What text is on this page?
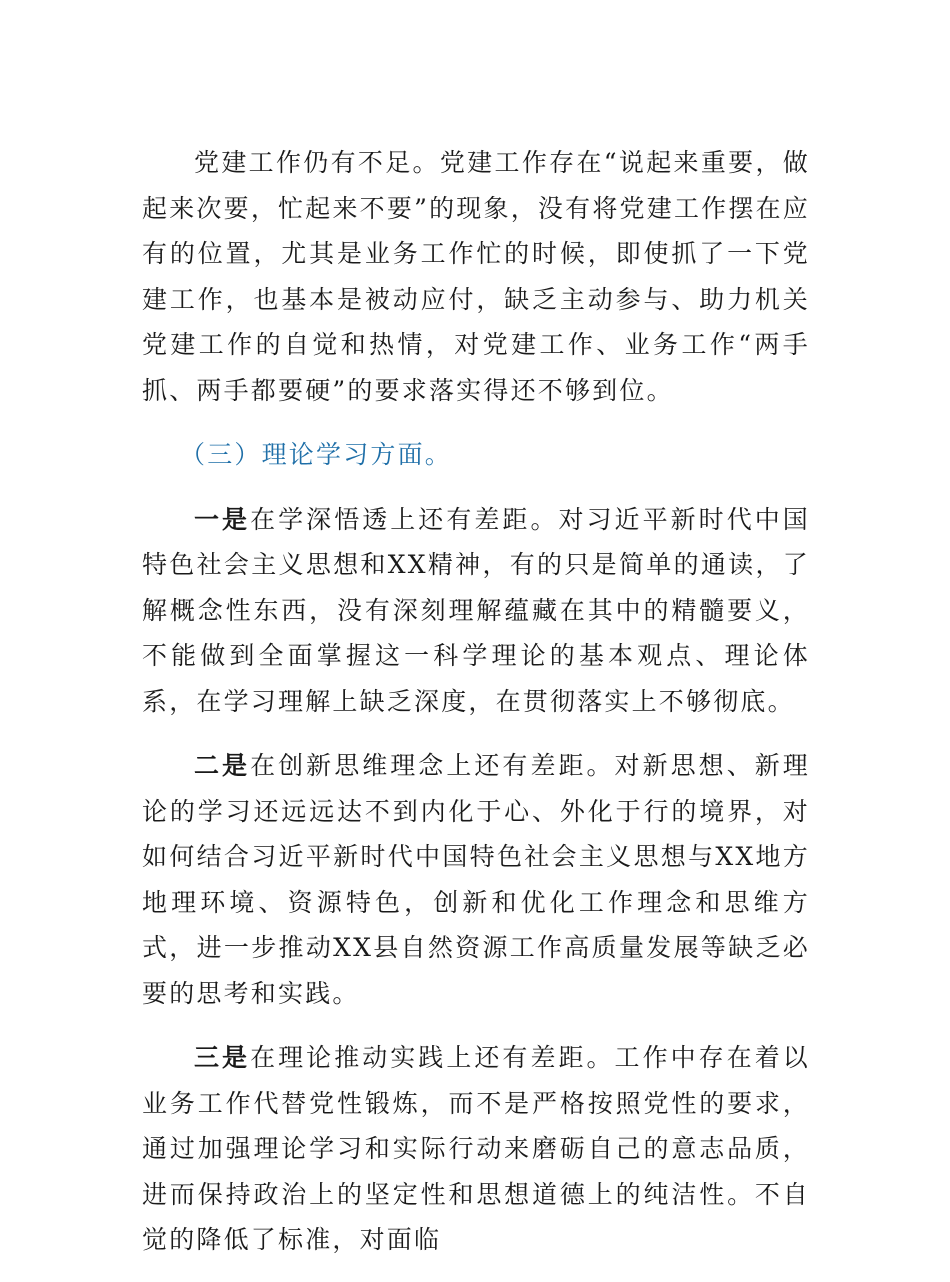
党建工作仍有不足。党建工作存在“说起来重要，做起来次要，忙起来不要”的现象，没有将党建工作摆在应有的位置，尤其是业务工作忙的时候，即使抓了一下党建工作，也基本是被动应付，缺乏主动参与、助力机关党建工作的自觉和热情，对党建工作、业务工作“两手抓、两手都要硬”的要求落实得还不够到位。

（三）理论学习方面。

一是在学深悟透上还有差距。对习近平新时代中国特色社会主义思想和XX精神，有的只是简单的通读，了解概念性东西，没有深刻理解蕴藏在其中的精髓要义，不能做到全面掌握这一科学理论的基本观点、理论体系，在学习理解上缺乏深度，在贯彻落实上不够彻底。

二是在创新思维理念上还有差距。对新思想、新理论的学习还远远达不到内化于心、外化于行的境界，对如何结合习近平新时代中国特色社会主义思想与XX地方地理环境、资源特色，创新和优化工作理念和思维方式，进一步推动XX县自然资源工作高质量发展等缺乏必要的思考和实践。

三是在理论推动实践上还有差距。工作中存在着以业务工作代替党性锻炼，而不是严格按照党性的要求，通过加强理论学习和实际行动来磨砺自己的意志品质，进而保持政治上的坚定性和思想道德上的纯洁性。不自觉的降低了标准，对面临
